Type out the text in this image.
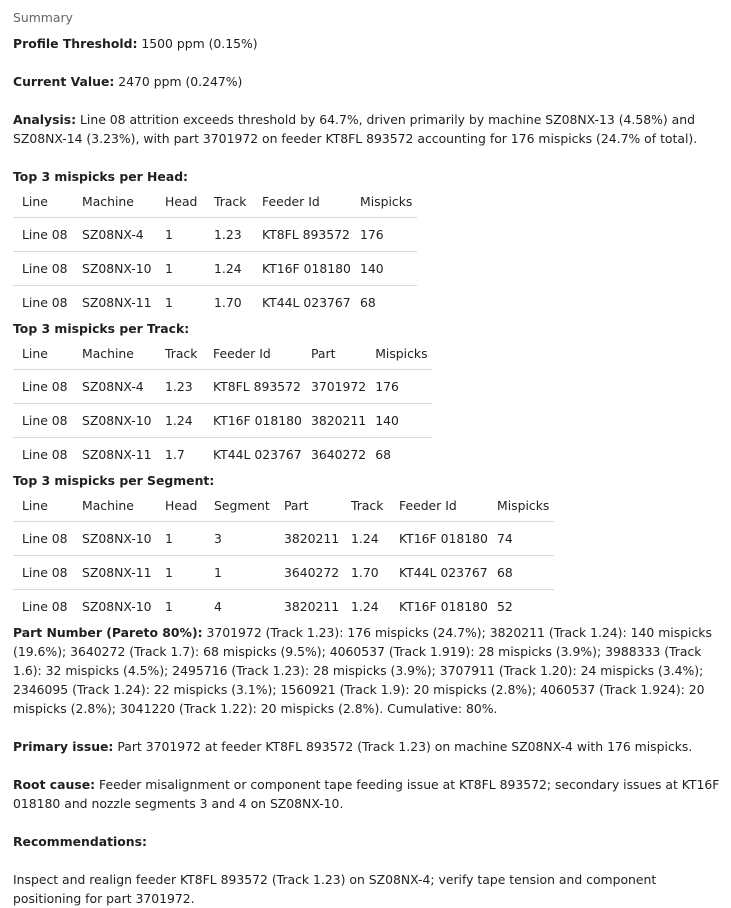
Summary

Profile Threshold: 1500 ppm (0.15%)

Current Value: 2470 ppm (0.247%)

Analysis: Line 08 attrition exceeds threshold by 64.7%, driven primarily by machine SZ08NX-13 (4.58%) and SZ08NX-14 (3.23%), with part 3701972 on feeder KT8FL 893572 accounting for 176 mispicks (24.7% of total).

Top 3 mispicks per Head:
Line	Machine	Head	Track	Feeder Id	Mispicks
Line 08	SZ08NX-4	1	1.23	KT8FL 893572	176
Line 08	SZ08NX-10	1	1.24	KT16F 018180	140
Line 08	SZ08NX-11	1	1.70	KT44L 023767	68
Top 3 mispicks per Track:
Line	Machine	Track	Feeder Id	Part	Mispicks
Line 08	SZ08NX-4	1.23	KT8FL 893572	3701972	176
Line 08	SZ08NX-10	1.24	KT16F 018180	3820211	140
Line 08	SZ08NX-11	1.7	KT44L 023767	3640272	68
Top 3 mispicks per Segment:
Line	Machine	Head	Segment	Part	Track	Feeder Id	Mispicks
Line 08	SZ08NX-10	1	3	3820211	1.24	KT16F 018180	74
Line 08	SZ08NX-11	1	1	3640272	1.70	KT44L 023767	68
Line 08	SZ08NX-10	1	4	3820211	1.24	KT16F 018180	52

Part Number (Pareto 80%): 3701972 (Track 1.23): 176 mispicks (24.7%); 3820211 (Track 1.24): 140 mispicks (19.6%); 3640272 (Track 1.7): 68 mispicks (9.5%); 4060537 (Track 1.919): 28 mispicks (3.9%); 3988333 (Track 1.6): 32 mispicks (4.5%); 2495716 (Track 1.23): 28 mispicks (3.9%); 3707911 (Track 1.20): 24 mispicks (3.4%); 2346095 (Track 1.24): 22 mispicks (3.1%); 1560921 (Track 1.9): 20 mispicks (2.8%); 4060537 (Track 1.924): 20 mispicks (2.8%); 3041220 (Track 1.22): 20 mispicks (2.8%). Cumulative: 80%.

Primary issue: Part 3701972 at feeder KT8FL 893572 (Track 1.23) on machine SZ08NX-4 with 176 mispicks.

Root cause: Feeder misalignment or component tape feeding issue at KT8FL 893572; secondary issues at KT16F 018180 and nozzle segments 3 and 4 on SZ08NX-10.

Recommendations:

Inspect and realign feeder KT8FL 893572 (Track 1.23) on SZ08NX-4; verify tape tension and component positioning for part 3701972.
